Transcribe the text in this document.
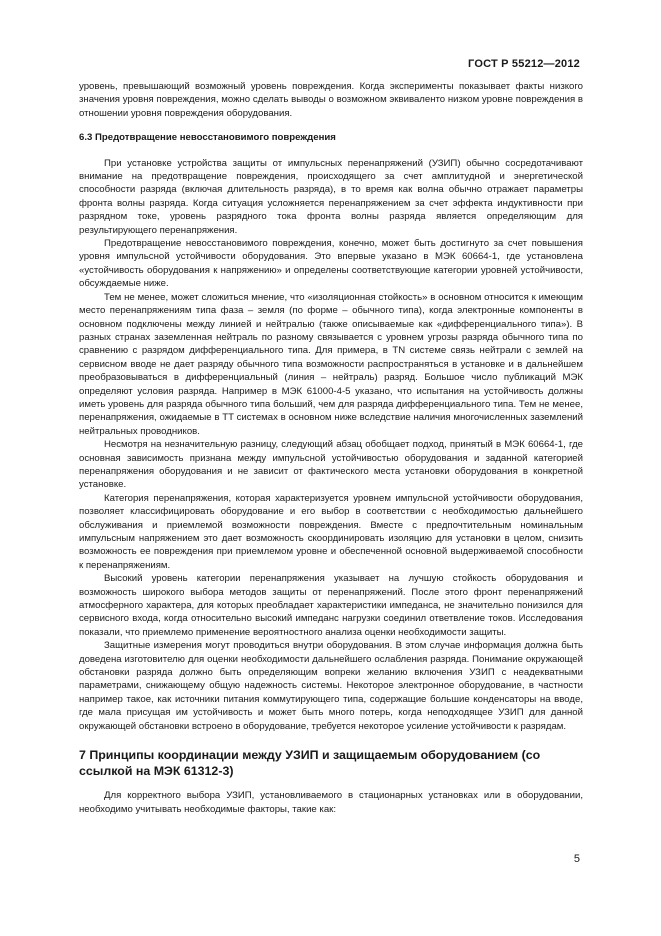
ГОСТ Р 55212—2012

уровень, превышающий возможный уровень повреждения. Когда эксперименты показывает факты низкого значения уровня повреждения, можно сделать выводы о возможном эквиваленто низком уровне повреждения в отношении уровня повреждения оборудования.

6.3 Предотвращение невосстановимого повреждения

При установке устройства защиты от импульсных перенапряжений (УЗИП) обычно сосредотачивают внимание на предотвращение повреждения, происходящего за счет амплитудной и энергетической способности разряда (включая длительность разряда), в то время как волна обычно отражает параметры фронта волны разряда. Когда ситуация усложняется перенапряжением за счет эффекта индуктивности при разрядном токе, уровень разрядного тока фронта волны разряда является определяющим для результирующего перенапряжения.

Предотвращение невосстановимого повреждения, конечно, может быть достигнуто за счет повышения уровня импульсной устойчивости оборудования. Это впервые указано в МЭК 60664-1, где установлена «устойчивость оборудования к напряжению» и определены соответствующие категории уровней устойчивости, обсуждаемые ниже.

Тем не менее, может сложиться мнение, что «изоляционная стойкость» в основном относится к имеющим место перенапряжениям типа фаза – земля (по форме – обычного типа), когда электронные компоненты в основном подключены между линией и нейтралью (также описываемые как «дифференциального типа»). В разных странах заземленная нейтраль по разному связывается с уровнем угрозы разряда обычного типа по сравнению с разрядом дифференциального типа. Для примера, в TN системе связь нейтрали с землей на сервисном вводе не дает разряду обычного типа возможности распространяться в установке и в дальнейшем преобразовываться в дифференциальный (линия – нейтраль) разряд. Большое число публикаций МЭК определяют условия разряда. Например в МЭК 61000-4-5 указано, что испытания на устойчивость должны иметь уровень для разряда обычного типа больший, чем для разряда дифференциального типа. Тем не менее, перенапряжения, ожидаемые в TT системах в основном ниже вследствие наличия многочисленных заземлений нейтральных проводников.

Несмотря на незначительную разницу, следующий абзац обобщает подход, принятый в МЭК 60664-1, где основная зависимость признана между импульсной устойчивостью оборудования и заданной категорией перенапряжения оборудования и не зависит от фактического места установки оборудования в конкретной установке.

Категория перенапряжения, которая характеризуется уровнем импульсной устойчивости оборудования, позволяет классифицировать оборудование и его выбор в соответствии с необходимостью дальнейшего обслуживания и приемлемой возможности повреждения. Вместе с предпочтительным номинальным импульсным напряжением это дает возможность скоординировать изоляцию для установки в целом, снизить возможность ее повреждения при приемлемом уровне и обеспеченной основной выдерживаемой способности к перенапряжениям.

Высокий уровень категории перенапряжения указывает на лучшую стойкость оборудования и возможность широкого выбора методов защиты от перенапряжений. После этого фронт перенапряжений атмосферного характера, для которых преобладает характеристики импеданса, не значительно понизился для сервисного входа, когда относительно высокий импеданс нагрузки соединил ответвление токов. Исследования показали, что приемлемо применение вероятностного анализа оценки необходимости защиты.

Защитные измерения могут проводиться внутри оборудования. В этом случае информация должна быть доведена изготовителю для оценки необходимости дальнейшего ослабления разряда. Понимание окружающей обстановки разряда должно быть определяющим вопреки желанию включения УЗИП с неадекватными параметрами, снижающему общую надежность системы. Некоторое электронное оборудование, в частности например такое, как источники питания коммутирующего типа, содержащие большие конденсаторы на вводе, где мала присущая им устойчивость и может быть много потерь, когда неподходящее УЗИП для данной окружающей обстановки встроено в оборудование, требуется некоторое усиление устойчивости к разрядам.

7 Принципы координации между УЗИП и защищаемым оборудованием (со ссылкой на МЭК 61312-3)

Для корректного выбора УЗИП, установливаемого в стационарных установках или в оборудовании, необходимо учитывать необходимые факторы, такие как:

5
